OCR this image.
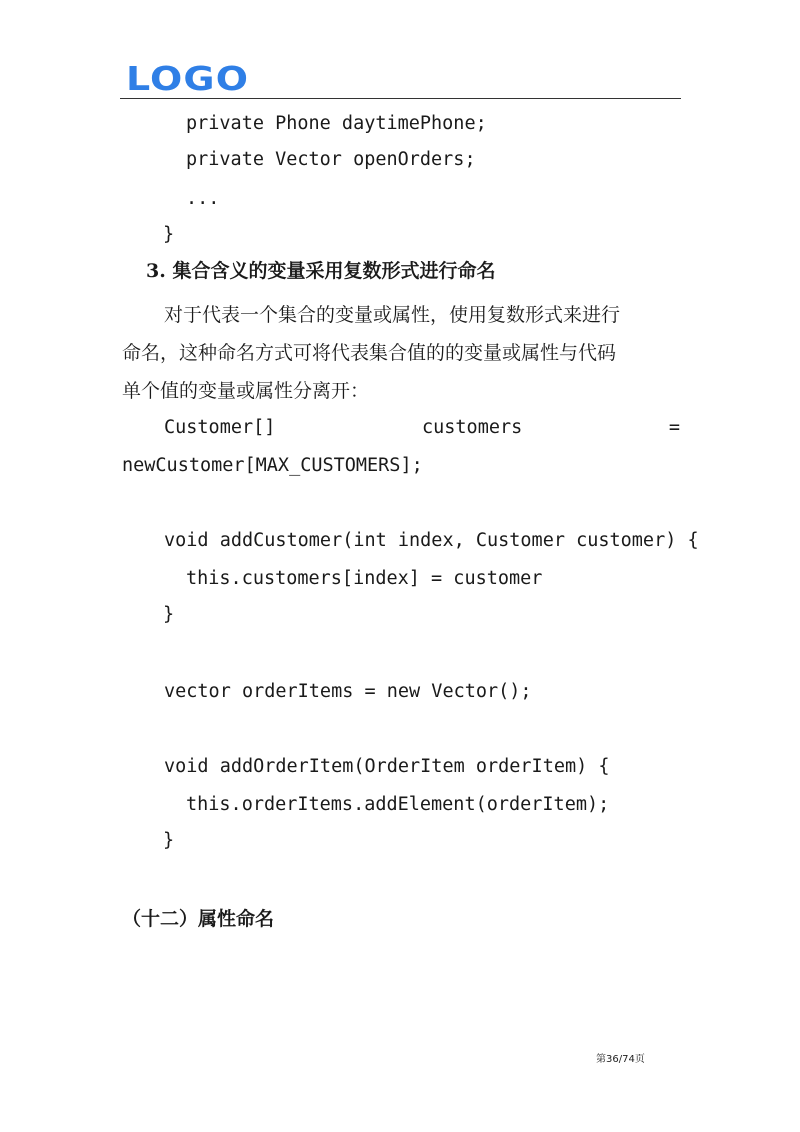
LOGO
private Phone daytimePhone;
private Vector openOrders;
...
}
3. 集合含义的变量采用复数形式进行命名
对于代表一个集合的变量或属性，使用复数形式来进行
命名，这种命名方式可将代表集合值的的变量或属性与代码
单个值的变量或属性分离开：
Customer[]	customers	=
newCustomer[MAX_CUSTOMERS];
void addCustomer(int index, Customer customer) {
this.customers[index] = customer
}
vector orderItems = new Vector();
void addOrderItem(OrderItem orderItem) {
this.orderItems.addElement(orderItem);
}
（十二）属性命名
第36/74页
